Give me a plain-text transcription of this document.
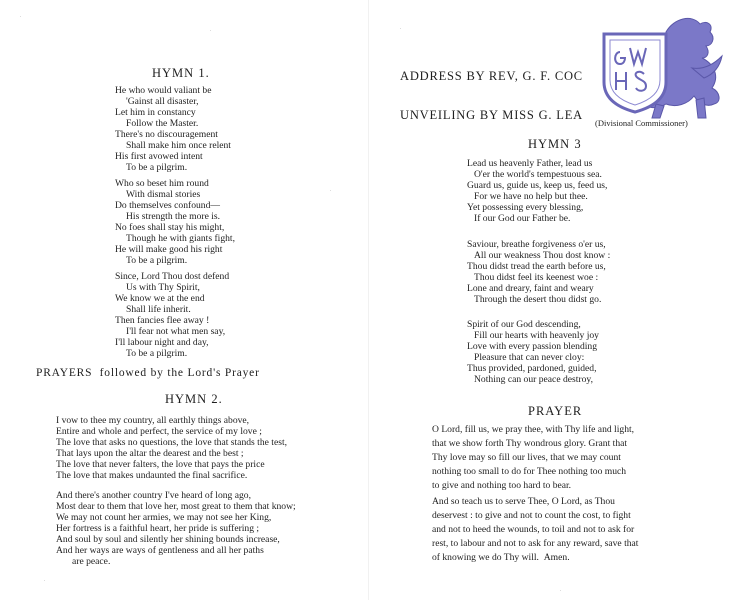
HYMN 1.
He who would valiant be
'Gainst all disaster,
Let him in constancy
Follow the Master.
There's no discouragement
Shall make him once relent
His first avowed intent
To be a pilgrim.
Who so beset him round
With dismal stories
Do themselves confound—
His strength the more is.
No foes shall stay his might,
Though he with giants fight,
He will make good his right
To be a pilgrim.
Since, Lord Thou dost defend
Us with Thy Spirit,
We know we at the end
Shall life inherit.
Then fancies flee away !
I'll fear not what men say,
I'll labour night and day,
To be a pilgrim.
PRAYERS  followed by the Lord's Prayer
HYMN 2.
I vow to thee my country, all earthly things above,
Entire and whole and perfect, the service of my love ;
The love that asks no questions, the love that stands the test,
That lays upon the altar the dearest and the best ;
The love that never falters, the love that pays the price
The love that makes undaunted the final sacrifice.
And there's another country I've heard of long ago,
Most dear to them that love her, most great to them that know;
We may not count her armies, we may not see her King,
Her fortress is a faithful heart, her pride is suffering ;
And soul by soul and silently her shining bounds increase,
And her ways are ways of gentleness and all her paths
are peace.
ADDRESS BY REV, G. F. COC
UNVEILING BY MISS G. LEA
(Divisional Commissioner)
HYMN 3
Lead us heavenly Father, lead us
O'er the world's tempestuous sea.
Guard us, guide us, keep us, feed us,
For we have no help but thee.
Yet possessing every blessing,
If our God our Father be.
Saviour, breathe forgiveness o'er us,
All our weakness Thou dost know :
Thou didst tread the earth before us,
Thou didst feel its keenest woe :
Lone and dreary, faint and weary
Through the desert thou didst go.
Spirit of our God descending,
Fill our hearts with heavenly joy
Love with every passion blending
Pleasure that can never cloy:
Thus provided, pardoned, guided,
Nothing can our peace destroy,
PRAYER
O Lord, fill us, we pray thee, with Thy life and light,
that we show forth Thy wondrous glory. Grant that
Thy love may so fill our lives, that we may count
nothing too small to do for Thee nothing too much
to give and nothing too hard to bear.
And so teach us to serve Thee, O Lord, as Thou
deservest : to give and not to count the cost, to fight
and not to heed the wounds, to toil and not to ask for
rest, to labour and not to ask for any reward, save that
of knowing we do Thy will.  Amen.
